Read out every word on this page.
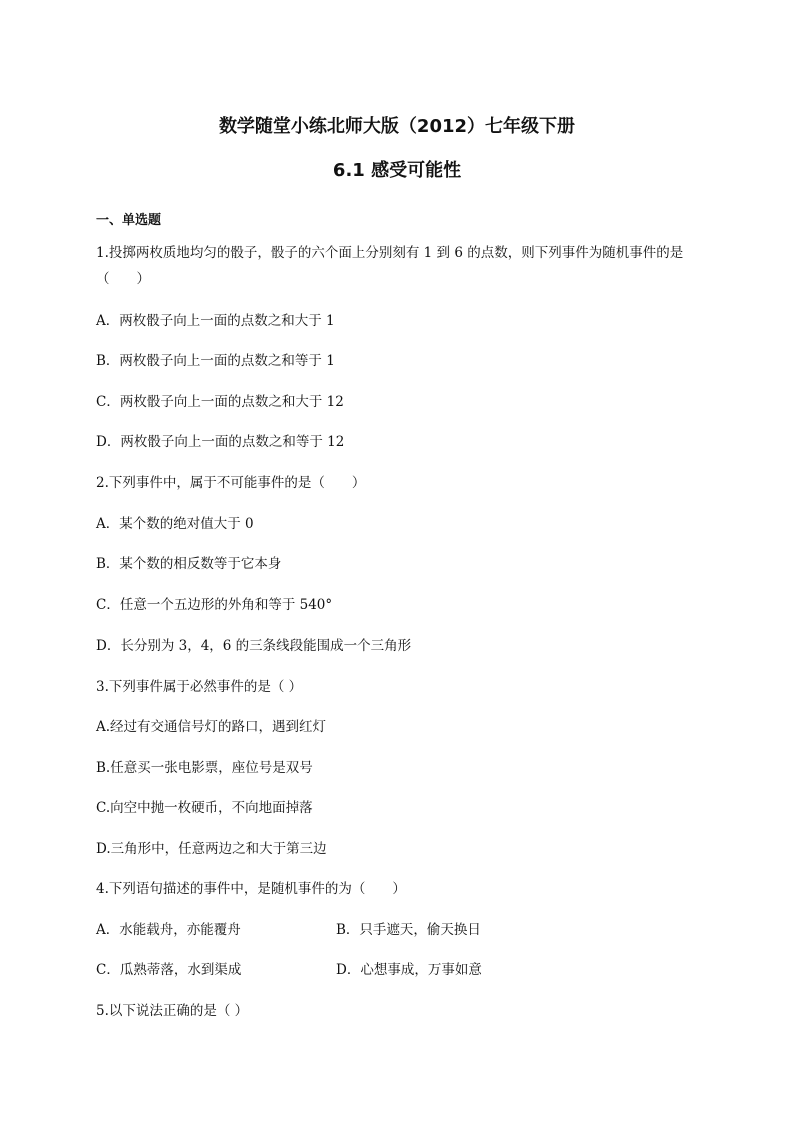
数学随堂小练北师大版（2012）七年级下册
6.1 感受可能性
一、单选题
1.投掷两枚质地均匀的骰子，骰子的六个面上分别刻有 1 到 6 的点数，则下列事件为随机事件的是
（　　）
A．两枚骰子向上一面的点数之和大于 1
B．两枚骰子向上一面的点数之和等于 1
C．两枚骰子向上一面的点数之和大于 12
D．两枚骰子向上一面的点数之和等于 12
2.下列事件中，属于不可能事件的是（　　）
A．某个数的绝对值大于 0
B．某个数的相反数等于它本身
C．任意一个五边形的外角和等于 540°
D．长分别为 3，4，6 的三条线段能围成一个三角形
3.下列事件属于必然事件的是（ ）
A.经过有交通信号灯的路口，遇到红灯
B.任意买一张电影票，座位号是双号
C.向空中抛一枚硬币，不向地面掉落
D.三角形中，任意两边之和大于第三边
4.下列语句描述的事件中，是随机事件的为（　　）
A．水能载舟，亦能覆舟	B．只手遮天，偷天换日
C．瓜熟蒂落，水到渠成	D．心想事成，万事如意
5.以下说法正确的是（ ）
